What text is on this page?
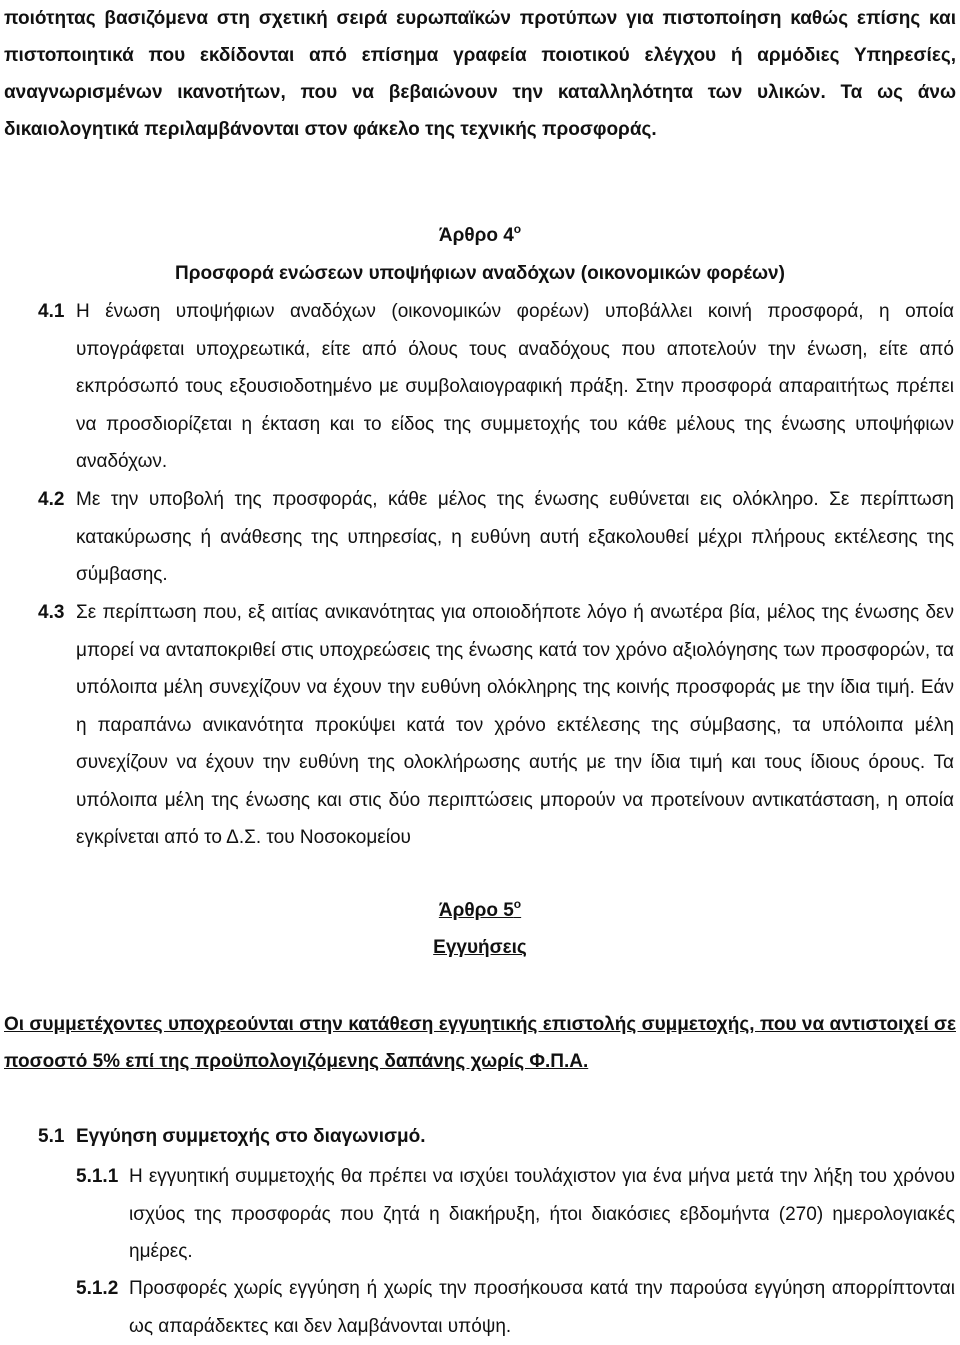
ποιότητας βασιζόμενα στη σχετική σειρά ευρωπαϊκών προτύπων για πιστοποίηση καθώς επίσης και πιστοποιητικά που εκδίδονται από επίσημα γραφεία ποιοτικού ελέγχου ή αρμόδιες Υπηρεσίες, αναγνωρισμένων ικανοτήτων, που να βεβαιώνουν την καταλληλότητα των υλικών. Τα ως άνω δικαιολογητικά περιλαμβάνονται στον φάκελο της τεχνικής προσφοράς.

Άρθρο $4^o$
Προσφορά ενώσεων υποψήφιων αναδόχων (οικονομικών φορέων)
4.1 Η ένωση υποψήφιων αναδόχων (οικονομικών φορέων) υποβάλλει κοινή προσφορά, η οποία υπογράφεται υποχρεωτικά, είτε από όλους τους αναδόχους που αποτελούν την ένωση, είτε από εκπρόσωπό τους εξουσιοδοτημένο με συμβολαιογραφική πράξη. Στην προσφορά απαραιτήτως πρέπει να προσδιορίζεται η έκταση και το είδος της συμμετοχής του κάθε μέλους της ένωσης υποψήφιων αναδόχων.
4.2 Με την υποβολή της προσφοράς, κάθε μέλος της ένωσης ευθύνεται εις ολόκληρο. Σε περίπτωση κατακύρωσης ή ανάθεσης της υπηρεσίας, η ευθύνη αυτή εξακολουθεί μέχρι πλήρους εκτέλεσης της σύμβασης.
4.3 Σε περίπτωση που, εξ αιτίας ανικανότητας για οποιοδήποτε λόγο ή ανωτέρα βία, μέλος της ένωσης δεν μπορεί να ανταποκριθεί στις υποχρεώσεις της ένωσης κατά τον χρόνο αξιολόγησης των προσφορών, τα υπόλοιπα μέλη συνεχίζουν να έχουν την ευθύνη ολόκληρης της κοινής προσφοράς με την ίδια τιμή. Εάν η παραπάνω ανικανότητα προκύψει κατά τον χρόνο εκτέλεσης της σύμβασης, τα υπόλοιπα μέλη συνεχίζουν να έχουν την ευθύνη της ολοκλήρωσης αυτής με την ίδια τιμή και τους ίδιους όρους. Τα υπόλοιπα μέλη της ένωσης και στις δύο περιπτώσεις μπορούν να προτείνουν αντικατάσταση, η οποία εγκρίνεται από το Δ.Σ. του Νοσοκομείου
Άρθρο $5^o$
Εγγυήσεις
Οι συμμετέχοντες υποχρεούνται στην κατάθεση εγγυητικής επιστολής συμμετοχής, που να αντιστοιχεί σε ποσοστό 5% επί της προϋπολογιζόμενης δαπάνης χωρίς Φ.Π.Α.
5.1 Εγγύηση συμμετοχής στο διαγωνισμό.
5.1.1 Η εγγυητική συμμετοχής θα πρέπει να ισχύει τουλάχιστον για ένα μήνα μετά την λήξη του χρόνου ισχύος της προσφοράς που ζητά η διακήρυξη, ήτοι διακόσιες εβδομήντα (270) ημερολογιακές ημέρες.
5.1.2 Προσφορές χωρίς εγγύηση ή χωρίς την προσήκουσα κατά την παρούσα εγγύηση απορρίπτονται ως απαράδεκτες και δεν λαμβάνονται υπόψη.
